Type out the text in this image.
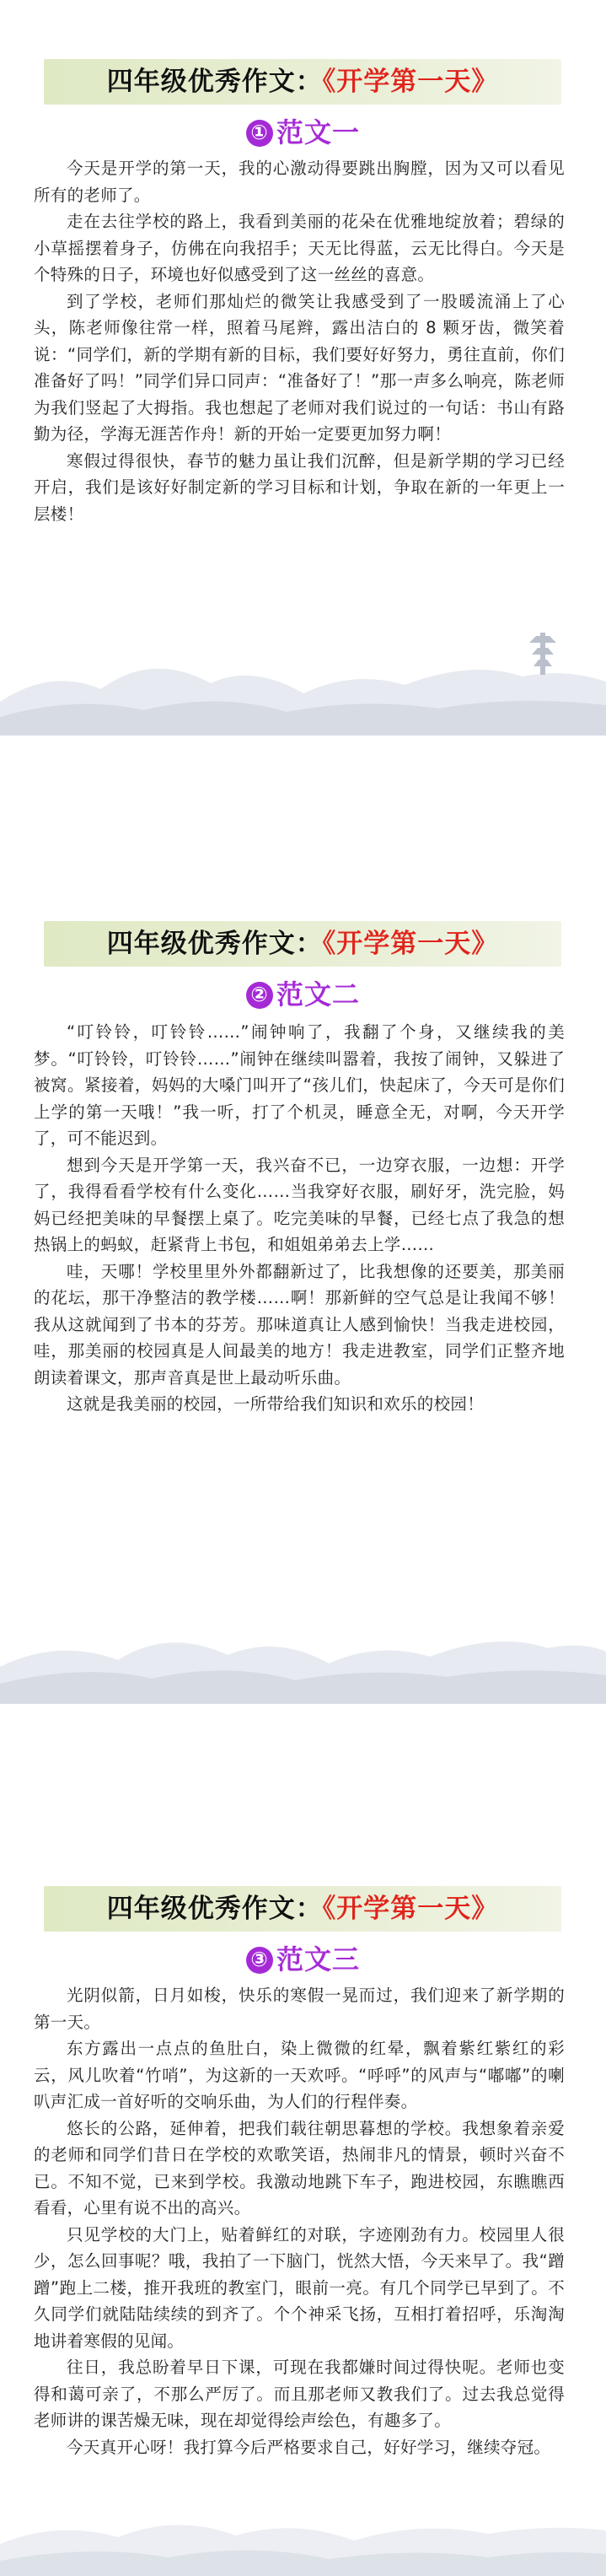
四年级优秀作文：《开学第一天》
① 范文一

今天是开学的第一天，我的心激动得要跳出胸膛，因为又可以看见所有的老师了。

走在去往学校的路上，我看到美丽的花朵在优雅地绽放着；碧绿的小草摇摆着身子，仿佛在向我招手；天无比得蓝，云无比得白。今天是个特殊的日子，环境也好似感受到了这一丝丝的喜意。

到了学校，老师们那灿烂的微笑让我感受到了一股暖流涌上了心头，陈老师像往常一样，照着马尾辫，露出洁白的 8 颗牙齿，微笑着说：“同学们，新的学期有新的目标，我们要好好努力，勇往直前，你们准备好了吗！”同学们异口同声：“准备好了！”那一声多么响亮，陈老师为我们竖起了大拇指。我也想起了老师对我们说过的一句话：书山有路勤为径，学海无涯苦作舟！新的开始一定要更加努力啊！

寒假过得很快，春节的魅力虽让我们沉醉，但是新学期的学习已经开启，我们是该好好制定新的学习目标和计划，争取在新的一年更上一层楼！

四年级优秀作文：《开学第一天》
② 范文二

“叮铃铃，叮铃铃……”闹钟响了，我翻了个身，又继续我的美梦。“叮铃铃，叮铃铃……”闹钟在继续叫嚣着，我按了闹钟，又躲进了被窝。紧接着，妈妈的大嗓门叫开了“孩儿们，快起床了，今天可是你们上学的第一天哦！”我一听，打了个机灵，睡意全无，对啊，今天开学了，可不能迟到。

想到今天是开学第一天，我兴奋不已，一边穿衣服，一边想：开学了，我得看看学校有什么变化……当我穿好衣服，刷好牙，洗完脸，妈妈已经把美味的早餐摆上桌了。吃完美味的早餐，已经七点了我急的想热锅上的蚂蚁，赶紧背上书包，和姐姐弟弟去上学……

哇，天哪！学校里里外外都翻新过了，比我想像的还要美，那美丽的花坛，那干净整洁的教学楼……啊！那新鲜的空气总是让我闻不够！我从这就闻到了书本的芬芳。那味道真让人感到愉快！当我走进校园，哇，那美丽的校园真是人间最美的地方！我走进教室，同学们正整齐地朗读着课文，那声音真是世上最动听乐曲。

这就是我美丽的校园，一所带给我们知识和欢乐的校园！

四年级优秀作文：《开学第一天》
③ 范文三

光阴似箭，日月如梭，快乐的寒假一晃而过，我们迎来了新学期的第一天。

东方露出一点点的鱼肚白，染上微微的红晕，飘着紫红紫红的彩云，风儿吹着“竹哨”，为这新的一天欢呼。“呼呼”的风声与“嘟嘟”的喇叭声汇成一首好听的交响乐曲，为人们的行程伴奏。

悠长的公路，延伸着，把我们载往朝思暮想的学校。我想象着亲爱的老师和同学们昔日在学校的欢歌笑语，热闹非凡的情景，顿时兴奋不已。不知不觉，已来到学校。我激动地跳下车子，跑进校园，东瞧瞧西看看，心里有说不出的高兴。

只见学校的大门上，贴着鲜红的对联，字迹刚劲有力。校园里人很少，怎么回事呢？哦，我拍了一下脑门，恍然大悟，今天来早了。我“蹭蹭”跑上二楼，推开我班的教室门，眼前一亮。有几个同学已早到了。不久同学们就陆陆续续的到齐了。个个神采飞扬，互相打着招呼，乐淘淘地讲着寒假的见闻。

往日，我总盼着早日下课，可现在我都嫌时间过得快呢。老师也变得和蔼可亲了，不那么严厉了。而且那老师又教我们了。过去我总觉得老师讲的课苦燥无味，现在却觉得绘声绘色，有趣多了。

今天真开心呀！我打算今后严格要求自己，好好学习，继续夺冠。
